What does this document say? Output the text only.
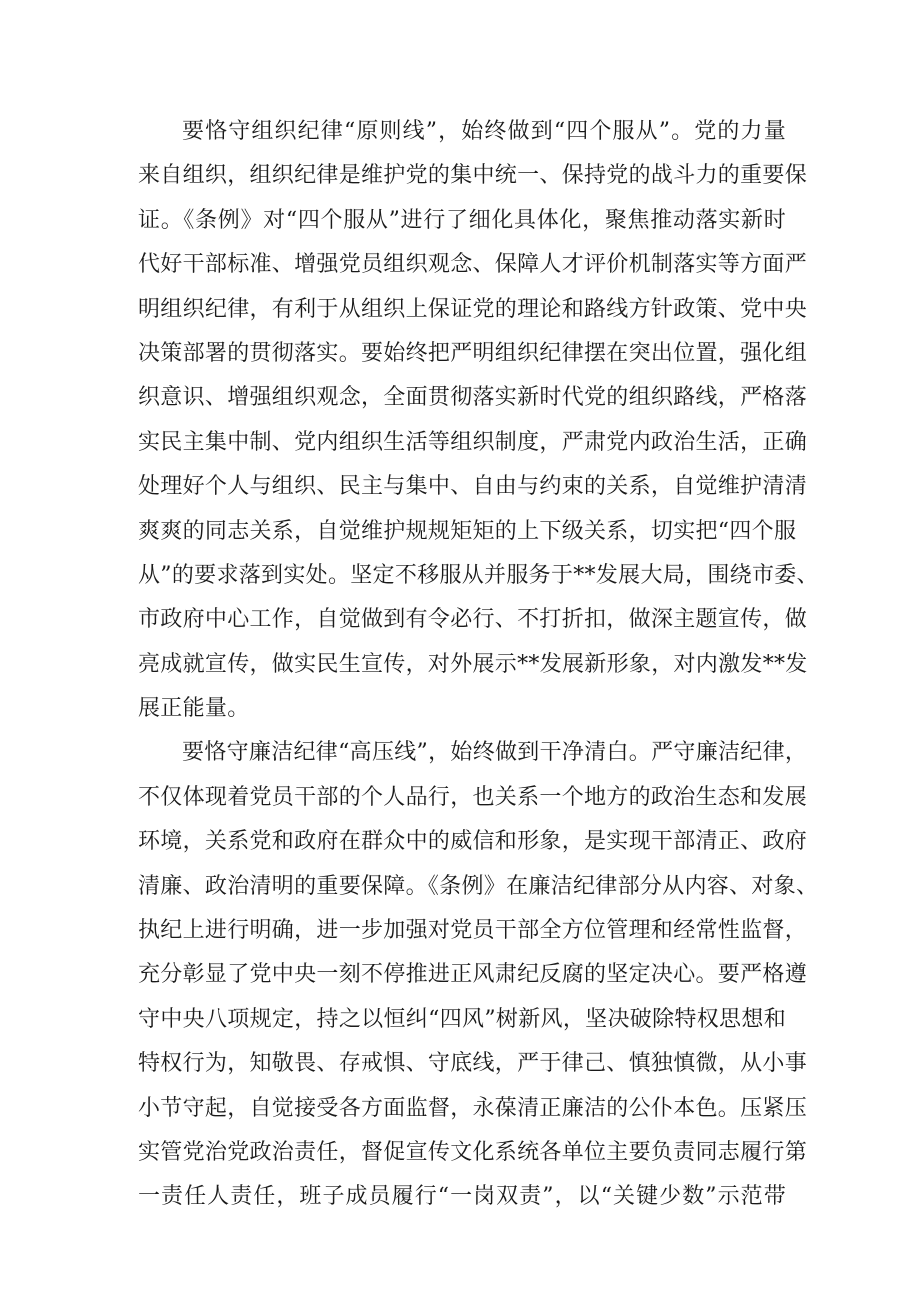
要恪守组织纪律“原则线”，始终做到“四个服从”。党的力量
来自组织，组织纪律是维护党的集中统一、保持党的战斗力的重要保
证。《条例》对“四个服从”进行了细化具体化，聚焦推动落实新时
代好干部标准、增强党员组织观念、保障人才评价机制落实等方面严
明组织纪律，有利于从组织上保证党的理论和路线方针政策、党中央
决策部署的贯彻落实。要始终把严明组织纪律摆在突出位置，强化组
织意识、增强组织观念，全面贯彻落实新时代党的组织路线，严格落
实民主集中制、党内组织生活等组织制度，严肃党内政治生活，正确
处理好个人与组织、民主与集中、自由与约束的关系，自觉维护清清
爽爽的同志关系，自觉维护规规矩矩的上下级关系，切实把“四个服
从”的要求落到实处。坚定不移服从并服务于**发展大局，围绕市委、
市政府中心工作，自觉做到有令必行、不打折扣，做深主题宣传，做
亮成就宣传，做实民生宣传，对外展示**发展新形象，对内激发**发
展正能量。
要恪守廉洁纪律“高压线”，始终做到干净清白。严守廉洁纪律，
不仅体现着党员干部的个人品行，也关系一个地方的政治生态和发展
环境，关系党和政府在群众中的威信和形象，是实现干部清正、政府
清廉、政治清明的重要保障。《条例》在廉洁纪律部分从内容、对象、
执纪上进行明确，进一步加强对党员干部全方位管理和经常性监督，
充分彰显了党中央一刻不停推进正风肃纪反腐的坚定决心。要严格遵
守中央八项规定，持之以恒纠“四风”树新风，坚决破除特权思想和
特权行为，知敬畏、存戒惧、守底线，严于律己、慎独慎微，从小事
小节守起，自觉接受各方面监督，永葆清正廉洁的公仆本色。压紧压
实管党治党政治责任，督促宣传文化系统各单位主要负责同志履行第
一责任人责任，班子成员履行“一岗双责”，以“关键少数”示范带
